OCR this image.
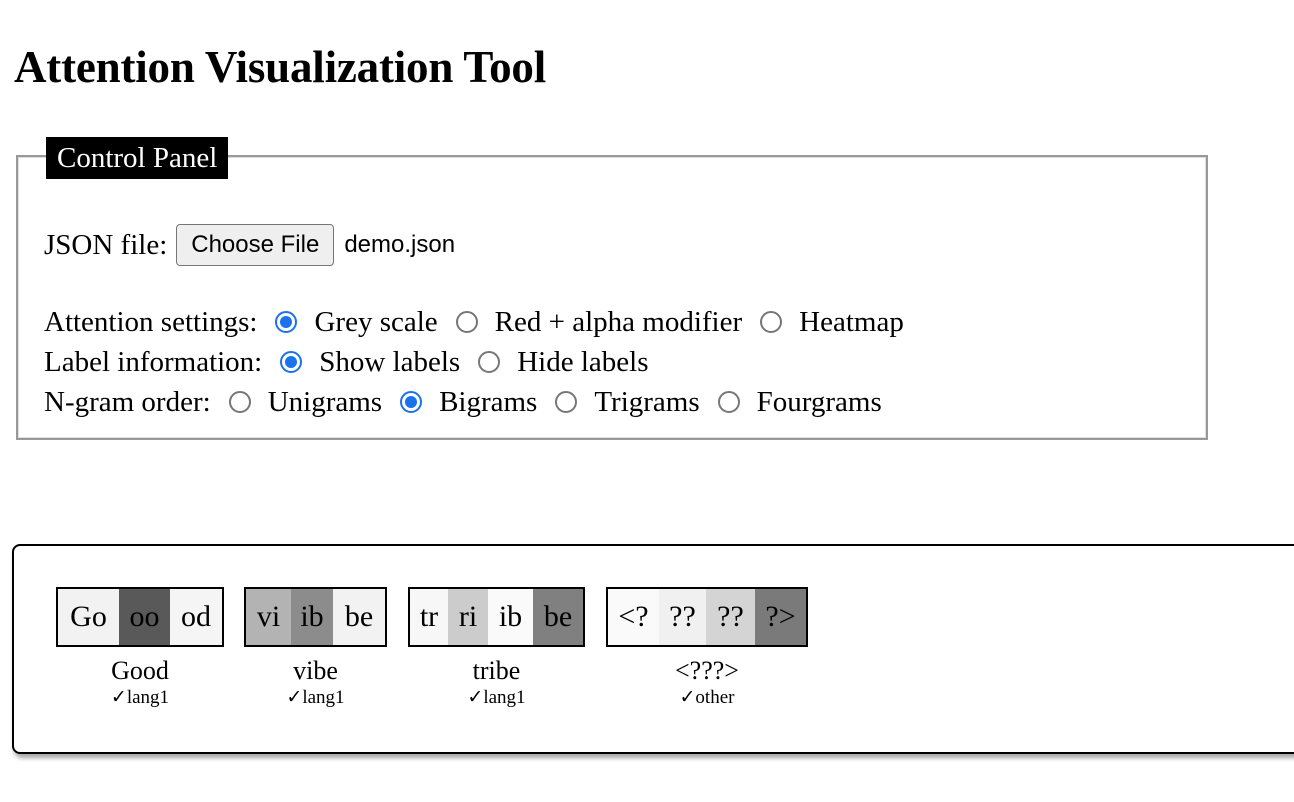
Attention Visualization Tool
Control Panel
JSON file:	Choose File	demo.json
Attention settings: Grey scale Red + alpha modifier Heatmap
Label information: Show labels Hide labels
N-gram order: Unigrams Bigrams Trigrams Fourgrams
Go oo od
Good
✓lang1
vi ib be
vibe
✓lang1
tr ri ib be
tribe
✓lang1
<? ?? ?? ?>
<???>
✓other
